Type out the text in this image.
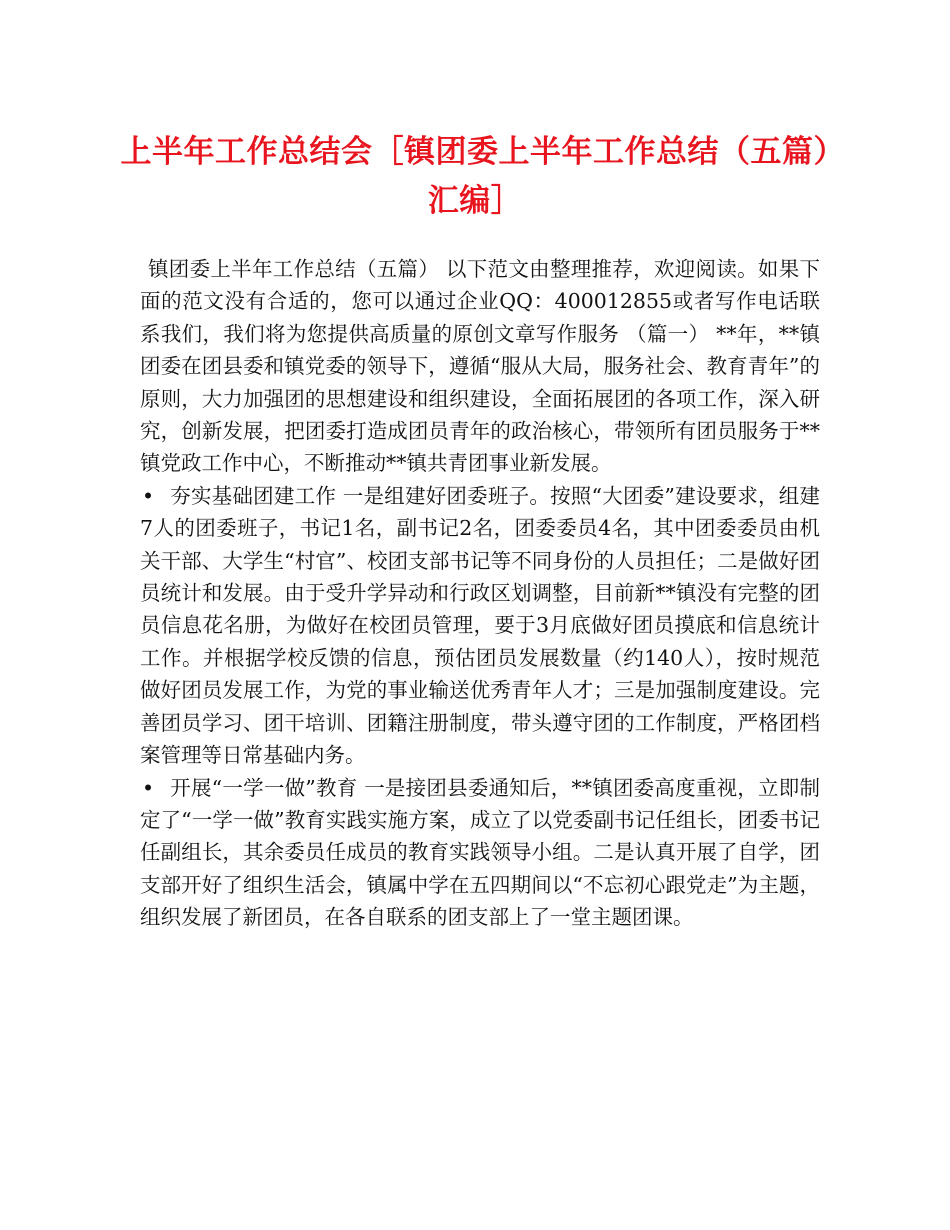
上半年工作总结会［镇团委上半年工作总结（五篇）汇编］

镇团委上半年工作总结（五篇） 以下范文由整理推荐，欢迎阅读。如果下面的范文没有合适的，您可以通过企业QQ：400012855或者写作电话联系我们，我们将为您提供高质量的原创文章写作服务 （篇一） **年，**镇团委在团县委和镇党委的领导下，遵循“服从大局，服务社会、教育青年”的原则，大力加强团的思想建设和组织建设，全面拓展团的各项工作，深入研究，创新发展，把团委打造成团员青年的政治核心，带领所有团员服务于**镇党政工作中心，不断推动**镇共青团事业新发展。

• 夯实基础团建工作 一是组建好团委班子。按照“大团委”建设要求，组建7人的团委班子，书记1名，副书记2名，团委委员4名，其中团委委员由机关干部、大学生“村官”、校团支部书记等不同身份的人员担任；二是做好团员统计和发展。由于受升学异动和行政区划调整，目前新**镇没有完整的团员信息花名册，为做好在校团员管理，要于3月底做好团员摸底和信息统计工作。并根据学校反馈的信息，预估团员发展数量（约140人），按时规范做好团员发展工作，为党的事业输送优秀青年人才；三是加强制度建设。完善团员学习、团干培训、团籍注册制度，带头遵守团的工作制度，严格团档案管理等日常基础内务。

• 开展“一学一做”教育 一是接团县委通知后，**镇团委高度重视，立即制定了“一学一做”教育实践实施方案，成立了以党委副书记任组长，团委书记任副组长，其余委员任成员的教育实践领导小组。二是认真开展了自学，团支部开好了组织生活会，镇属中学在五四期间以“不忘初心跟党走”为主题，组织发展了新团员，在各自联系的团支部上了一堂主题团课。
